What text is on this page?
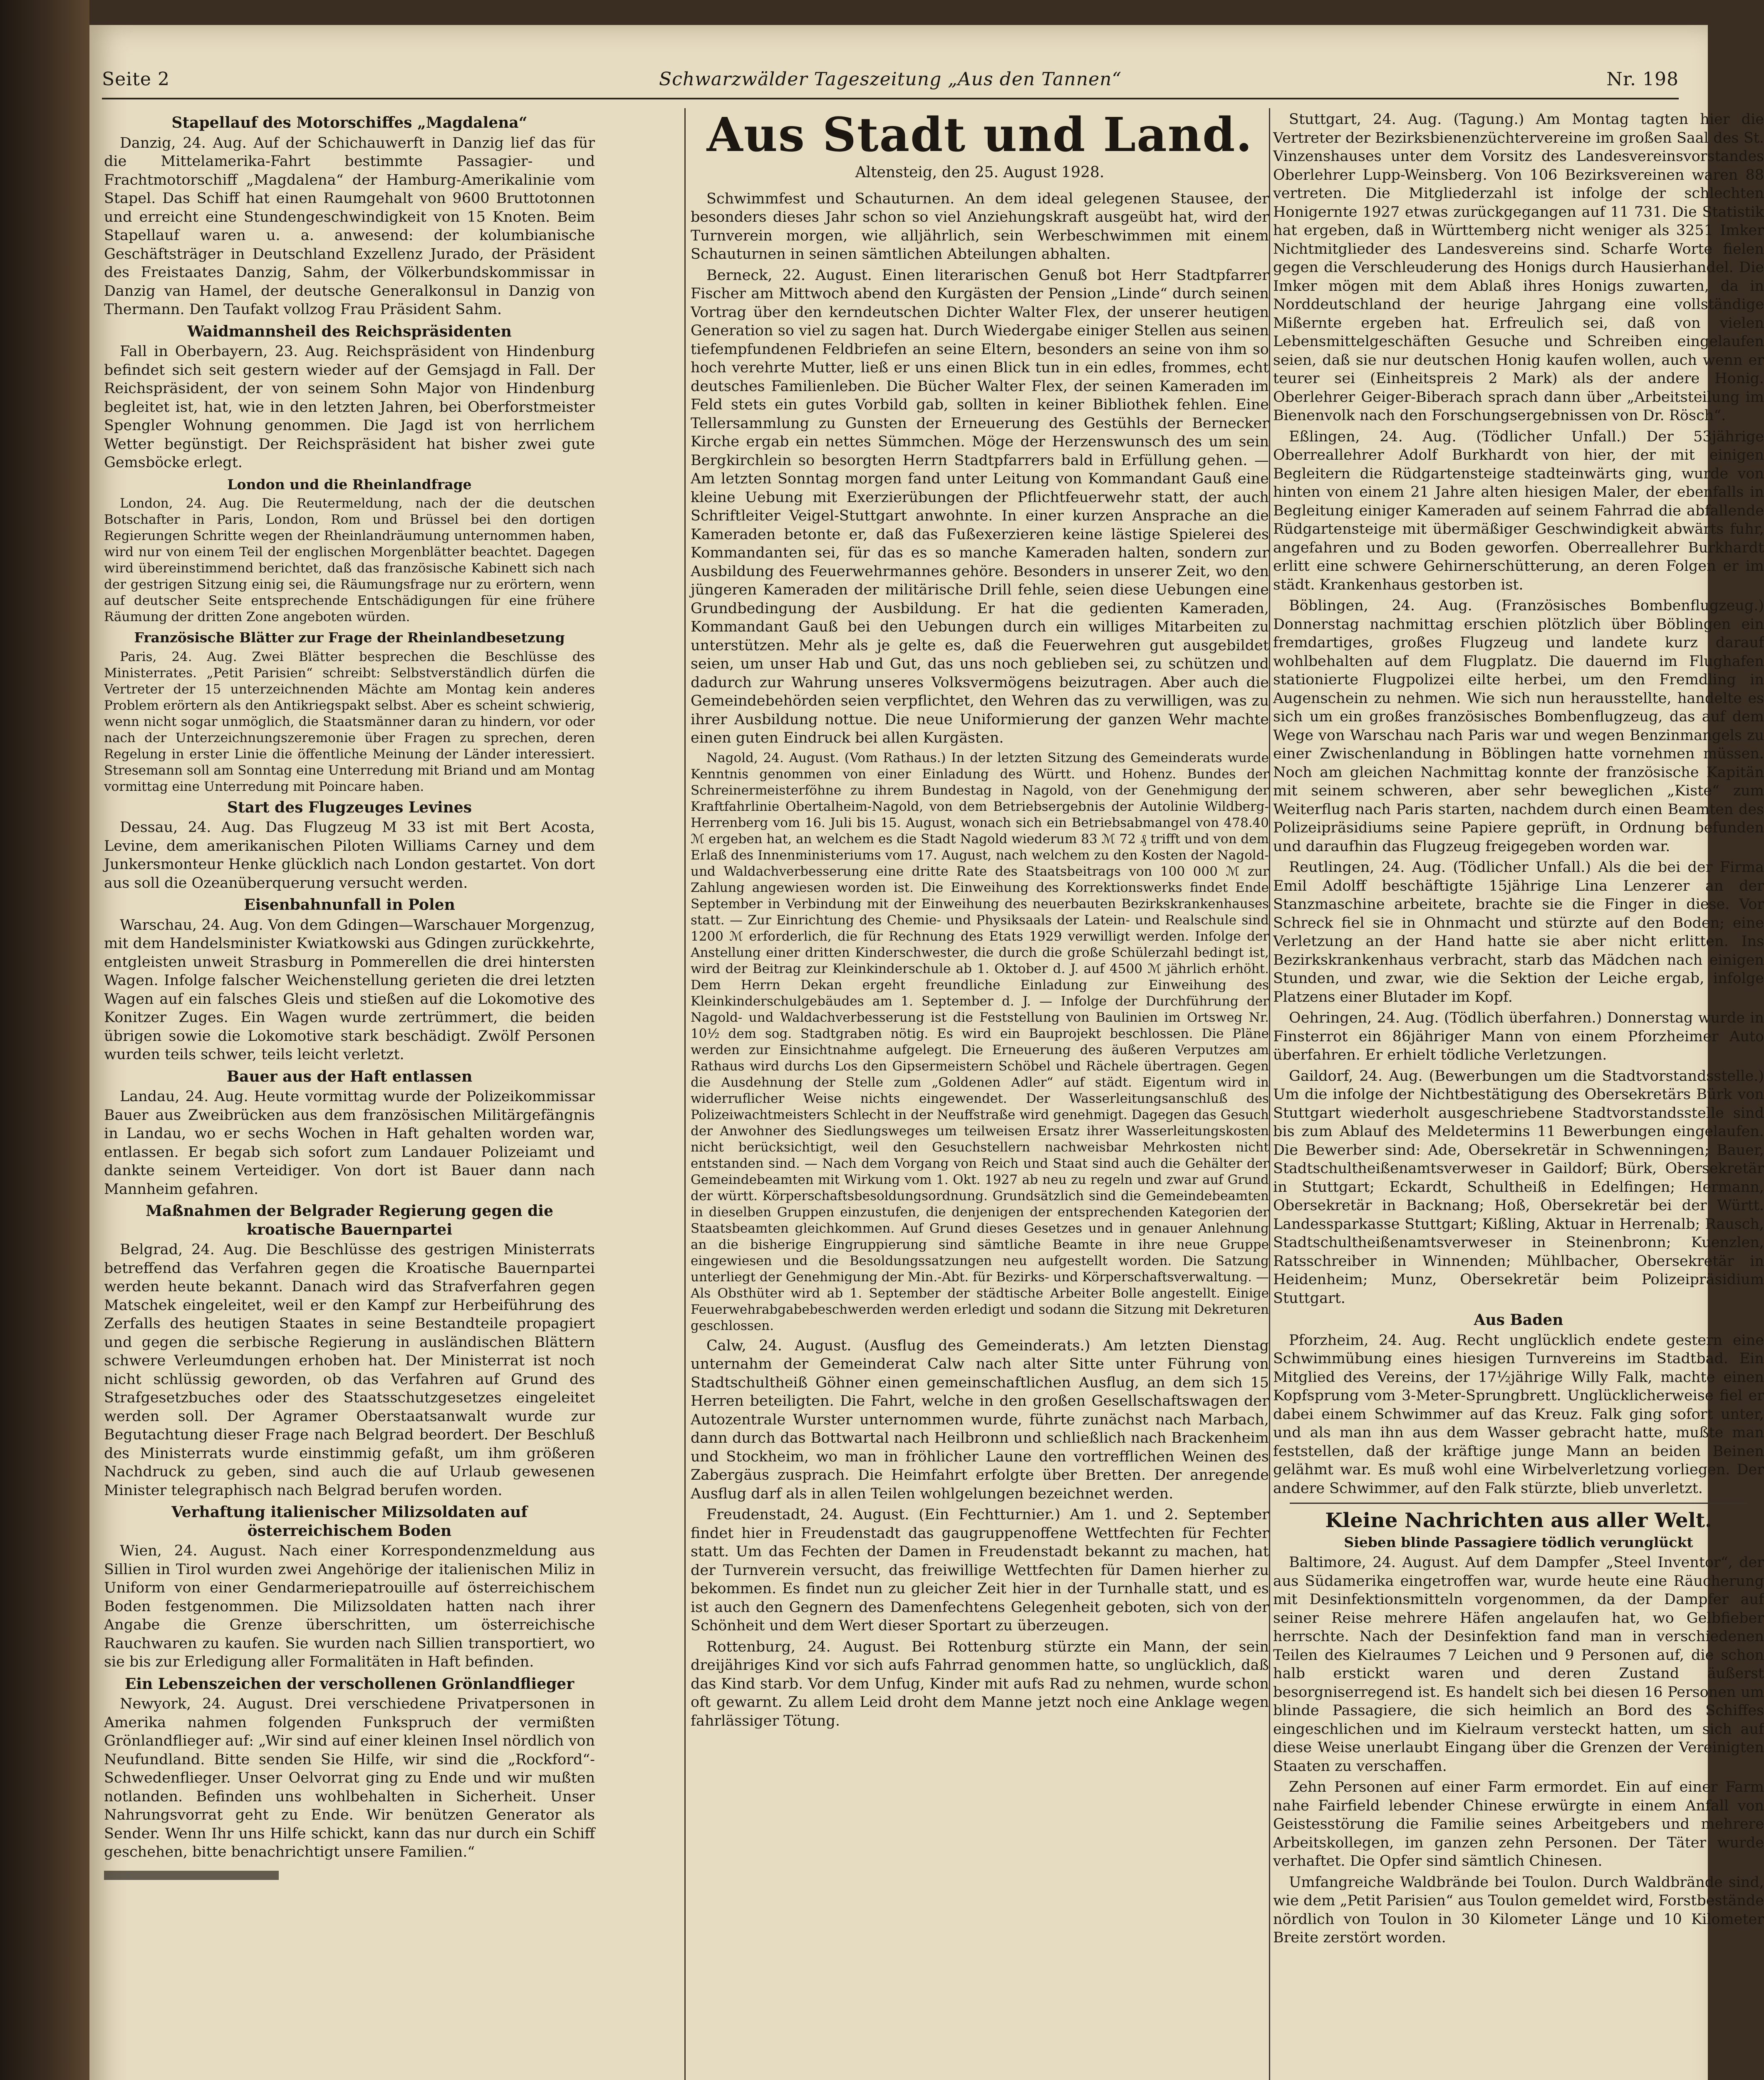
Seite 2	Schwarzwälder Tageszeitung „Aus den Tannen“	Nr. 198
Stapellauf des Motorschiffes „Magdalena“

Danzig, 24. Aug. Auf der Schichauwerft in Danzig lief das für die Mittelamerika-Fahrt bestimmte Passagier- und Frachtmotorschiff „Magdalena“ der Hamburg-Amerikalinie vom Stapel. Das Schiff hat einen Raumgehalt von 9600 Bruttotonnen und erreicht eine Stundengeschwindigkeit von 15 Knoten. Beim Stapellauf waren u. a. anwesend: der kolumbianische Geschäftsträger in Deutschland Exzellenz Jurado, der Präsident des Freistaates Danzig, Sahm, der Völkerbundskommissar in Danzig van Hamel, der deutsche Generalkonsul in Danzig von Thermann. Den Taufakt vollzog Frau Präsident Sahm.

Waidmannsheil des Reichspräsidenten

Fall in Oberbayern, 23. Aug. Reichspräsident von Hindenburg befindet sich seit gestern wieder auf der Gemsjagd in Fall. Der Reichspräsident, der von seinem Sohn Major von Hindenburg begleitet ist, hat, wie in den letzten Jahren, bei Oberforstmeister Spengler Wohnung genommen. Die Jagd ist von herrlichem Wetter begünstigt. Der Reichspräsident hat bisher zwei gute Gemsböcke erlegt.

London und die Rheinlandfrage

London, 24. Aug. Die Reutermeldung, nach der die deutschen Botschafter in Paris, London, Rom und Brüssel bei den dortigen Regierungen Schritte wegen der Rheinlandräumung unternommen haben, wird nur von einem Teil der englischen Morgenblätter beachtet. Dagegen wird übereinstimmend berichtet, daß das französische Kabinett sich nach der gestrigen Sitzung einig sei, die Räumungsfrage nur zu erörtern, wenn auf deutscher Seite entsprechende Entschädigungen für eine frühere Räumung der dritten Zone angeboten würden.

Französische Blätter zur Frage der Rheinlandbesetzung

Paris, 24. Aug. Zwei Blätter besprechen die Beschlüsse des Ministerrates. „Petit Parisien“ schreibt: Selbstverständlich dürfen die Vertreter der 15 unterzeichnenden Mächte am Montag kein anderes Problem erörtern als den Antikriegspakt selbst. Aber es scheint schwierig, wenn nicht sogar unmöglich, die Staatsmänner daran zu hindern, vor oder nach der Unterzeichnungszeremonie über Fragen zu sprechen, deren Regelung in erster Linie die öffentliche Meinung der Länder interessiert. Stresemann soll am Sonntag eine Unterredung mit Briand und am Montag vormittag eine Unterredung mit Poincare haben.

Start des Flugzeuges Levines

Dessau, 24. Aug. Das Flugzeug M 33 ist mit Bert Acosta, Levine, dem amerikanischen Piloten Williams Carney und dem Junkersmonteur Henke glücklich nach London gestartet. Von dort aus soll die Ozeanüberquerung versucht werden.

Eisenbahnunfall in Polen

Warschau, 24. Aug. Von dem Gdingen—Warschauer Morgenzug, mit dem Handelsminister Kwiatkowski aus Gdingen zurückkehrte, entgleisten unweit Strasburg in Pommerellen die drei hintersten Wagen. Infolge falscher Weichenstellung gerieten die drei letzten Wagen auf ein falsches Gleis und stießen auf die Lokomotive des Konitzer Zuges. Ein Wagen wurde zertrümmert, die beiden übrigen sowie die Lokomotive stark beschädigt. Zwölf Personen wurden teils schwer, teils leicht verletzt.

Bauer aus der Haft entlassen

Landau, 24. Aug. Heute vormittag wurde der Polizeikommissar Bauer aus Zweibrücken aus dem französischen Militärgefängnis in Landau, wo er sechs Wochen in Haft gehalten worden war, entlassen. Er begab sich sofort zum Landauer Polizeiamt und dankte seinem Verteidiger. Von dort ist Bauer dann nach Mannheim gefahren.

Maßnahmen der Belgrader Regierung gegen die kroatische Bauernpartei

Belgrad, 24. Aug. Die Beschlüsse des gestrigen Ministerrats betreffend das Verfahren gegen die Kroatische Bauernpartei werden heute bekannt. Danach wird das Strafverfahren gegen Matschek eingeleitet, weil er den Kampf zur Herbeiführung des Zerfalls des heutigen Staates in seine Bestandteile propagiert und gegen die serbische Regierung in ausländischen Blättern schwere Verleumdungen erhoben hat. Der Ministerrat ist noch nicht schlüssig geworden, ob das Verfahren auf Grund des Strafgesetzbuches oder des Staatsschutzgesetzes eingeleitet werden soll. Der Agramer Oberstaatsanwalt wurde zur Begutachtung dieser Frage nach Belgrad beordert. Der Beschluß des Ministerrats wurde einstimmig gefaßt, um ihm größeren Nachdruck zu geben, sind auch die auf Urlaub gewesenen Minister telegraphisch nach Belgrad berufen worden.

Verhaftung italienischer Milizsoldaten auf österreichischem Boden

Wien, 24. August. Nach einer Korrespondenzmeldung aus Sillien in Tirol wurden zwei Angehörige der italienischen Miliz in Uniform von einer Gendarmeriepatrouille auf österreichischem Boden festgenommen. Die Milizsoldaten hatten nach ihrer Angabe die Grenze überschritten, um österreichische Rauchwaren zu kaufen. Sie wurden nach Sillien transportiert, wo sie bis zur Erledigung aller Formalitäten in Haft befinden.

Ein Lebenszeichen der verschollenen Grönlandflieger

Newyork, 24. August. Drei verschiedene Privatpersonen in Amerika nahmen folgenden Funkspruch der vermißten Grönlandflieger auf: „Wir sind auf einer kleinen Insel nördlich von Neufundland. Bitte senden Sie Hilfe, wir sind die „Rockford“-Schwedenflieger. Unser Oelvorrat ging zu Ende und wir mußten notlanden. Befinden uns wohlbehalten in Sicherheit. Unser Nahrungsvorrat geht zu Ende. Wir benützen Generator als Sender. Wenn Ihr uns Hilfe schickt, kann das nur durch ein Schiff geschehen, bitte benachrichtigt unsere Familien.“

Aus Stadt und Land.
Altensteig, den 25. August 1928.

Schwimmfest und Schauturnen. An dem ideal gelegenen Stausee, der besonders dieses Jahr schon so viel Anziehungskraft ausgeübt hat, wird der Turnverein morgen, wie alljährlich, sein Werbeschwimmen mit einem Schauturnen in seinen sämtlichen Abteilungen abhalten.

Berneck, 22. August. Einen literarischen Genuß bot Herr Stadtpfarrer Fischer am Mittwoch abend den Kurgästen der Pension „Linde“ durch seinen Vortrag über den kerndeutschen Dichter Walter Flex, der unserer heutigen Generation so viel zu sagen hat. Durch Wiedergabe einiger Stellen aus seinen tiefempfundenen Feldbriefen an seine Eltern, besonders an seine von ihm so hoch verehrte Mutter, ließ er uns einen Blick tun in ein edles, frommes, echt deutsches Familienleben. Die Bücher Walter Flex, der seinen Kameraden im Feld stets ein gutes Vorbild gab, sollten in keiner Bibliothek fehlen. Eine Tellersammlung zu Gunsten der Erneuerung des Gestühls der Bernecker Kirche ergab ein nettes Sümmchen. Möge der Herzenswunsch des um sein Bergkirchlein so besorgten Herrn Stadtpfarrers bald in Erfüllung gehen. — Am letzten Sonntag morgen fand unter Leitung von Kommandant Gauß eine kleine Uebung mit Exerzierübungen der Pflichtfeuerwehr statt, der auch Schriftleiter Veigel-Stuttgart anwohnte. In einer kurzen Ansprache an die Kameraden betonte er, daß das Fußexerzieren keine lästige Spielerei des Kommandanten sei, für das es so manche Kameraden halten, sondern zur Ausbildung des Feuerwehrmannes gehöre. Besonders in unserer Zeit, wo den jüngeren Kameraden der militärische Drill fehle, seien diese Uebungen eine Grundbedingung der Ausbildung. Er hat die gedienten Kameraden, Kommandant Gauß bei den Uebungen durch ein williges Mitarbeiten zu unterstützen. Mehr als je gelte es, daß die Feuerwehren gut ausgebildet seien, um unser Hab und Gut, das uns noch geblieben sei, zu schützen und dadurch zur Wahrung unseres Volksvermögens beizutragen. Aber auch die Gemeindebehörden seien verpflichtet, den Wehren das zu verwilligen, was zu ihrer Ausbildung nottue. Die neue Uniformierung der ganzen Wehr machte einen guten Eindruck bei allen Kurgästen.

Nagold, 24. August. (Vom Rathaus.) In der letzten Sitzung des Gemeinderats wurde Kenntnis genommen von einer Einladung des Württ. und Hohenz. Bundes der Schreinermeisterföhne zu ihrem Bundestag in Nagold, von der Genehmigung der Kraftfahrlinie Obertalheim-Nagold, von dem Betriebsergebnis der Autolinie Wildberg-Herrenberg vom 16. Juli bis 15. August, wonach sich ein Betriebsabmangel von 478.40 ℳ ergeben hat, an welchem es die Stadt Nagold wiederum 83 ℳ 72 ₰ trifft und von dem Erlaß des Innenministeriums vom 17. August, nach welchem zu den Kosten der Nagold- und Waldachverbesserung eine dritte Rate des Staatsbeitrags von 100 000 ℳ zur Zahlung angewiesen worden ist. Die Einweihung des Korrektionswerks findet Ende September in Verbindung mit der Einweihung des neuerbauten Bezirkskrankenhauses statt. — Zur Einrichtung des Chemie- und Physiksaals der Latein- und Realschule sind 1200 ℳ erforderlich, die für Rechnung des Etats 1929 verwilligt werden. Infolge der Anstellung einer dritten Kinderschwester, die durch die große Schülerzahl bedingt ist, wird der Beitrag zur Kleinkinderschule ab 1. Oktober d. J. auf 4500 ℳ jährlich erhöht. Dem Herrn Dekan ergeht freundliche Einladung zur Einweihung des Kleinkinderschulgebäudes am 1. September d. J. — Infolge der Durchführung der Nagold- und Waldachverbesserung ist die Feststellung von Baulinien im Ortsweg Nr. 10½ dem sog. Stadtgraben nötig. Es wird ein Bauprojekt beschlossen. Die Pläne werden zur Einsichtnahme aufgelegt. Die Erneuerung des äußeren Verputzes am Rathaus wird durchs Los den Gipsermeistern Schöbel und Rächele übertragen. Gegen die Ausdehnung der Stelle zum „Goldenen Adler“ auf städt. Eigentum wird in widerruflicher Weise nichts eingewendet. Der Wasserleitungsanschluß des Polizeiwachtmeisters Schlecht in der Neuffstraße wird genehmigt. Dagegen das Gesuch der Anwohner des Siedlungsweges um teilweisen Ersatz ihrer Wasserleitungskosten nicht berücksichtigt, weil den Gesuchstellern nachweisbar Mehrkosten nicht entstanden sind. — Nach dem Vorgang von Reich und Staat sind auch die Gehälter der Gemeindebeamten mit Wirkung vom 1. Okt. 1927 ab neu zu regeln und zwar auf Grund der württ. Körperschaftsbesoldungsordnung. Grundsätzlich sind die Gemeindebeamten in dieselben Gruppen einzustufen, die denjenigen der entsprechenden Kategorien der Staatsbeamten gleichkommen. Auf Grund dieses Gesetzes und in genauer Anlehnung an die bisherige Eingruppierung sind sämtliche Beamte in ihre neue Gruppe eingewiesen und die Besoldungssatzungen neu aufgestellt worden. Die Satzung unterliegt der Genehmigung der Min.-Abt. für Bezirks- und Körperschaftsverwaltung. — Als Obsthüter wird ab 1. September der städtische Arbeiter Bolle angestellt. Einige Feuerwehrabgabebeschwerden werden erledigt und sodann die Sitzung mit Dekreturen geschlossen.

Calw, 24. August. (Ausflug des Gemeinderats.) Am letzten Dienstag unternahm der Gemeinderat Calw nach alter Sitte unter Führung von Stadtschultheiß Göhner einen gemeinschaftlichen Ausflug, an dem sich 15 Herren beteiligten. Die Fahrt, welche in den großen Gesellschaftswagen der Autozentrale Wurster unternommen wurde, führte zunächst nach Marbach, dann durch das Bottwartal nach Heilbronn und schließlich nach Brackenheim und Stockheim, wo man in fröhlicher Laune den vortrefflichen Weinen des Zabergäus zusprach. Die Heimfahrt erfolgte über Bretten. Der anregende Ausflug darf als in allen Teilen wohlgelungen bezeichnet werden.

Freudenstadt, 24. August. (Ein Fechtturnier.) Am 1. und 2. September findet hier in Freudenstadt das gaugruppenoffene Wettfechten für Fechter statt. Um das Fechten der Damen in Freudenstadt bekannt zu machen, hat der Turnverein versucht, das freiwillige Wettfechten für Damen hierher zu bekommen. Es findet nun zu gleicher Zeit hier in der Turnhalle statt, und es ist auch den Gegnern des Damenfechtens Gelegenheit geboten, sich von der Schönheit und dem Wert dieser Sportart zu überzeugen.

Rottenburg, 24. August. Bei Rottenburg stürzte ein Mann, der sein dreijähriges Kind vor sich aufs Fahrrad genommen hatte, so unglücklich, daß das Kind starb. Vor dem Unfug, Kinder mit aufs Rad zu nehmen, wurde schon oft gewarnt. Zu allem Leid droht dem Manne jetzt noch eine Anklage wegen fahrlässiger Tötung.

Stuttgart, 24. Aug. (Tagung.) Am Montag tagten hier die Vertreter der Bezirksbienenzüchtervereine im großen Saal des St. Vinzenshauses unter dem Vorsitz des Landesvereinsvorstandes Oberlehrer Lupp-Weinsberg. Von 106 Bezirksvereinen waren 88 vertreten. Die Mitgliederzahl ist infolge der schlechten Honigernte 1927 etwas zurückgegangen auf 11 731. Die Statistik hat ergeben, daß in Württemberg nicht weniger als 3251 Imker Nichtmitglieder des Landesvereins sind. Scharfe Worte fielen gegen die Verschleuderung des Honigs durch Hausierhandel. Die Imker mögen mit dem Ablaß ihres Honigs zuwarten, da in Norddeutschland der heurige Jahrgang eine vollständige Mißernte ergeben hat. Erfreulich sei, daß von vielen Lebensmittelgeschäften Gesuche und Schreiben eingelaufen seien, daß sie nur deutschen Honig kaufen wollen, auch wenn er teurer sei (Einheitspreis 2 Mark) als der andere Honig. Oberlehrer Geiger-Biberach sprach dann über „Arbeitsteilung im Bienenvolk nach den Forschungsergebnissen von Dr. Rösch“.

Eßlingen, 24. Aug. (Tödlicher Unfall.) Der 53jährige Oberreallehrer Adolf Burkhardt von hier, der mit einigen Begleitern die Rüdgartensteige stadteinwärts ging, wurde von hinten von einem 21 Jahre alten hiesigen Maler, der ebenfalls in Begleitung einiger Kameraden auf seinem Fahrrad die abfallende Rüdgartensteige mit übermäßiger Geschwindigkeit abwärts fuhr, angefahren und zu Boden geworfen. Oberreallehrer Burkhardt erlitt eine schwere Gehirnerschütterung, an deren Folgen er im städt. Krankenhaus gestorben ist.

Böblingen, 24. Aug. (Französisches Bombenflugzeug.) Donnerstag nachmittag erschien plötzlich über Böblingen ein fremdartiges, großes Flugzeug und landete kurz darauf wohlbehalten auf dem Flugplatz. Die dauernd im Flughafen stationierte Flugpolizei eilte herbei, um den Fremdling in Augenschein zu nehmen. Wie sich nun herausstellte, handelte es sich um ein großes französisches Bombenflugzeug, das auf dem Wege von Warschau nach Paris war und wegen Benzinmangels zu einer Zwischenlandung in Böblingen hatte vornehmen müssen. Noch am gleichen Nachmittag konnte der französische Kapitän mit seinem schweren, aber sehr beweglichen „Kiste“ zum Weiterflug nach Paris starten, nachdem durch einen Beamten des Polizeipräsidiums seine Papiere geprüft, in Ordnung befunden und daraufhin das Flugzeug freigegeben worden war.

Reutlingen, 24. Aug. (Tödlicher Unfall.) Als die bei der Firma Emil Adolff beschäftigte 15jährige Lina Lenzerer an der Stanzmaschine arbeitete, brachte sie die Finger in diese. Vor Schreck fiel sie in Ohnmacht und stürzte auf den Boden; eine Verletzung an der Hand hatte sie aber nicht erlitten. Ins Bezirkskrankenhaus verbracht, starb das Mädchen nach einigen Stunden, und zwar, wie die Sektion der Leiche ergab, infolge Platzens einer Blutader im Kopf.

Oehringen, 24. Aug. (Tödlich überfahren.) Donnerstag wurde in Finsterrot ein 86jähriger Mann von einem Pforzheimer Auto überfahren. Er erhielt tödliche Verletzungen.

Gaildorf, 24. Aug. (Bewerbungen um die Stadtvorstandsstelle.) Um die infolge der Nichtbestätigung des Obersekretärs Bürk von Stuttgart wiederholt ausgeschriebene Stadtvorstandsstelle sind bis zum Ablauf des Meldetermins 11 Bewerbungen eingelaufen. Die Bewerber sind: Ade, Obersekretär in Schwenningen; Bauer, Stadtschultheißenamtsverweser in Gaildorf; Bürk, Obersekretär in Stuttgart; Eckardt, Schultheiß in Edelfingen; Hermann, Obersekretär in Backnang; Hoß, Obersekretär bei der Württ. Landessparkasse Stuttgart; Kißling, Aktuar in Herrenalb; Rausch, Stadtschultheißenamtsverweser in Steinenbronn; Kuenzlen, Ratsschreiber in Winnenden; Mühlbacher, Obersekretär in Heidenheim; Munz, Obersekretär beim Polizeipräsidium Stuttgart.

Aus Baden

Pforzheim, 24. Aug. Recht unglücklich endete gestern eine Schwimmübung eines hiesigen Turnvereins im Stadtbad. Ein Mitglied des Vereins, der 17½jährige Willy Falk, machte einen Kopfsprung vom 3-Meter-Sprungbrett. Unglücklicherweise fiel er dabei einem Schwimmer auf das Kreuz. Falk ging sofort unter, und als man ihn aus dem Wasser gebracht hatte, mußte man feststellen, daß der kräftige junge Mann an beiden Beinen gelähmt war. Es muß wohl eine Wirbelverletzung vorliegen. Der andere Schwimmer, auf den Falk stürzte, blieb unverletzt.

Kleine Nachrichten aus aller Welt.
Sieben blinde Passagiere tödlich verunglückt

Baltimore, 24. August. Auf dem Dampfer „Steel Inventor“, der aus Südamerika eingetroffen war, wurde heute eine Räucherung mit Desinfektionsmitteln vorgenommen, da der Dampfer auf seiner Reise mehrere Häfen angelaufen hat, wo Gelbfieber herrschte. Nach der Desinfektion fand man in verschiedenen Teilen des Kielraumes 7 Leichen und 9 Personen auf, die schon halb erstickt waren und deren Zustand äußerst besorgniserregend ist. Es handelt sich bei diesen 16 Personen um blinde Passagiere, die sich heimlich an Bord des Schiffes eingeschlichen und im Kielraum versteckt hatten, um sich auf diese Weise unerlaubt Eingang über die Grenzen der Vereinigten Staaten zu verschaffen.

Zehn Personen auf einer Farm ermordet. Ein auf einer Farm nahe Fairfield lebender Chinese erwürgte in einem Anfall von Geistesstörung die Familie seines Arbeitgebers und mehrere Arbeitskollegen, im ganzen zehn Personen. Der Täter wurde verhaftet. Die Opfer sind sämtlich Chinesen.

Umfangreiche Waldbrände bei Toulon. Durch Waldbrände sind, wie dem „Petit Parisien“ aus Toulon gemeldet wird, Forstbestände nördlich von Toulon in 30 Kilometer Länge und 10 Kilometer Breite zerstört worden.
